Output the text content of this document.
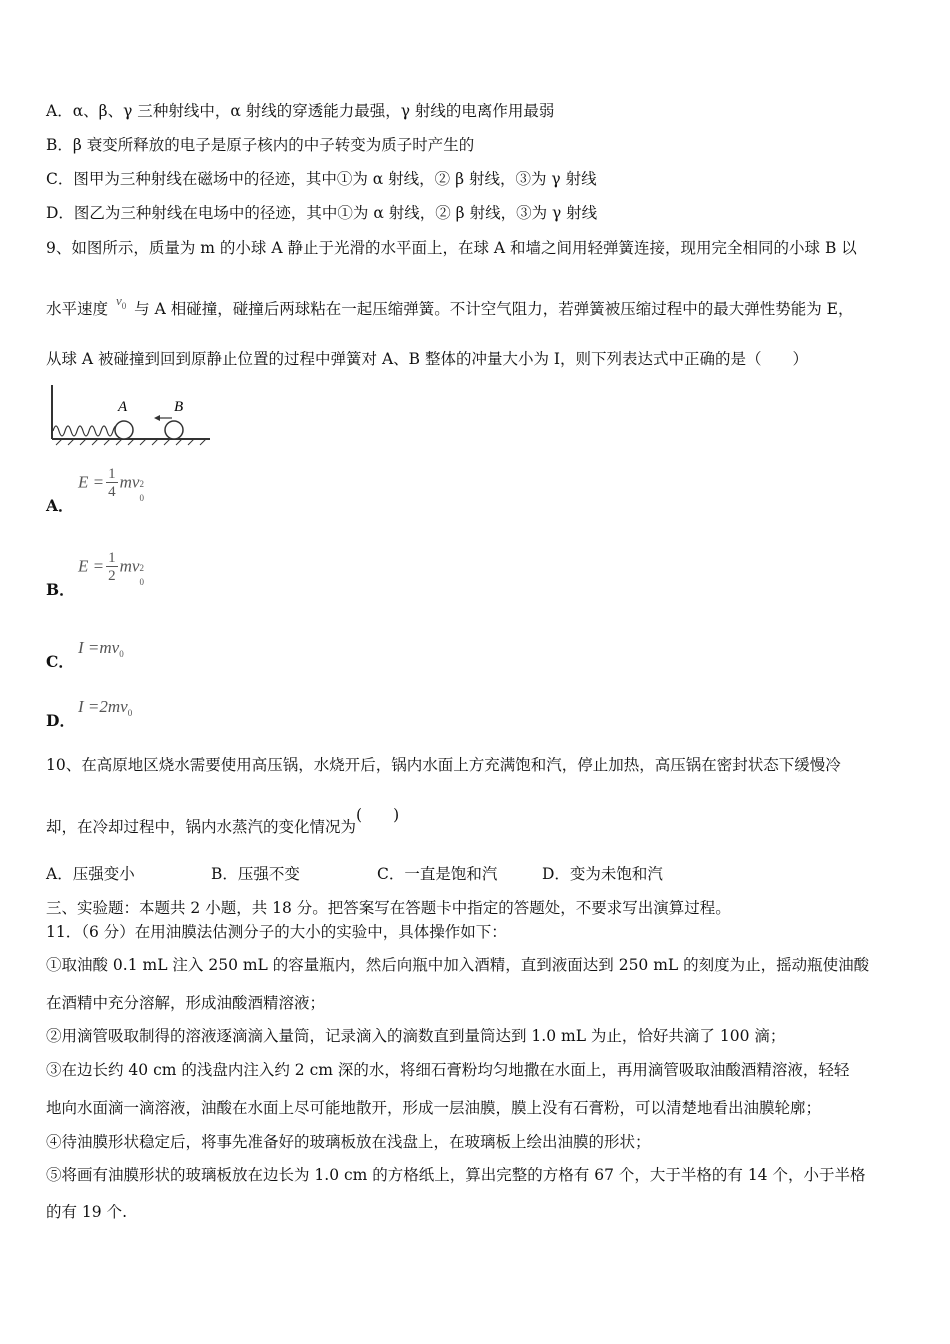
A．α、β、γ 三种射线中，α 射线的穿透能力最强，γ 射线的电离作用最弱
B．β 衰变所释放的电子是原子核内的中子转变为质子时产生的
C．图甲为三种射线在磁场中的径迹，其中①为 α 射线，② β 射线，③为 γ 射线
D．图乙为三种射线在电场中的径迹，其中①为 α 射线，② β 射线，③为 γ 射线
9、如图所示，质量为 m 的小球 A 静止于光滑的水平面上，在球 A 和墙之间用轻弹簧连接，现用完全相同的小球 B 以
水平速度 $^{v_0}$ 与 A 相碰撞，碰撞后两球粘在一起压缩弹簧。不计空气阻力，若弹簧被压缩过程中的最大弹性势能为 E，
从球 A 被碰撞到回到原静止位置的过程中弹簧对 A、B 整体的冲量大小为 I，则下列表达式中正确的是（　　）
A	B
A．
$E = \frac{1}{4}$ mv 2
0
B．
$E = \frac{1}{2}$ mv 2
0
C．
$I =mv_0$
D．
$I =2mv_0$
10、在高原地区烧水需要使用高压锅，水烧开后，锅内水面上方充满饱和汽，停止加热，高压锅在密封状态下缓慢冷
却，在冷却过程中，锅内水蒸汽的变化情况为(　　)
A．压强变小	B．压强不变	C．一直是饱和汽	D．变为未饱和汽
三、实验题：本题共 2 小题，共 18 分。把答案写在答题卡中指定的答题处，不要求写出演算过程。
11．（6 分）在用油膜法估测分子的大小的实验中，具体操作如下：
①取油酸 0.1 mL 注入 250 mL 的容量瓶内，然后向瓶中加入酒精，直到液面达到 250 mL 的刻度为止，摇动瓶使油酸
在酒精中充分溶解，形成油酸酒精溶液；
②用滴管吸取制得的溶液逐滴滴入量筒，记录滴入的滴数直到量筒达到 1.0 mL 为止，恰好共滴了 100 滴；
③在边长约 40 cm 的浅盘内注入约 2 cm 深的水，将细石膏粉均匀地撒在水面上，再用滴管吸取油酸酒精溶液，轻轻
地向水面滴一滴溶液，油酸在水面上尽可能地散开，形成一层油膜，膜上没有石膏粉，可以清楚地看出油膜轮廓；
④待油膜形状稳定后，将事先准备好的玻璃板放在浅盘上，在玻璃板上绘出油膜的形状；
⑤将画有油膜形状的玻璃板放在边长为 1.0 cm 的方格纸上，算出完整的方格有 67 个，大于半格的有 14 个，小于半格
的有 19 个.
